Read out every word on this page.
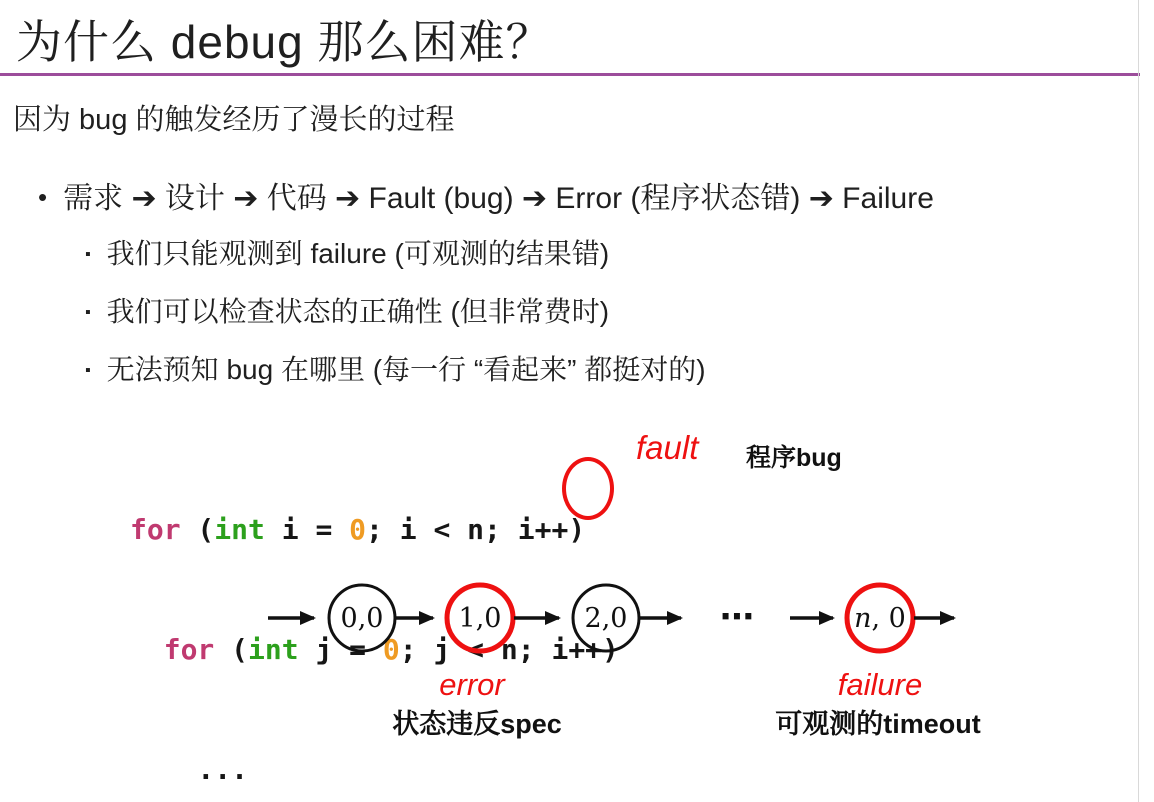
为什么 debug 那么困难？

因为 bug 的触发经历了漫长的过程

• 需求 ➔ 设计 ➔ 代码 ➔ Fault (bug) ➔ Error (程序状态错) ➔ Failure
▪ 我们只能观测到 failure (可观测的结果错)
▪ 我们可以检查状态的正确性 (但非常费时)
▪ 无法预知 bug 在哪里 (每一行 “看起来” 都挺对的)

for (int i = 0; i < n; i++)

for (int j = 0; j < n; i++)

...

fault 程序bug
0,0	1,0	2,0	⋯	n, 0
error	failure
状态违反spec	可观测的timeout
